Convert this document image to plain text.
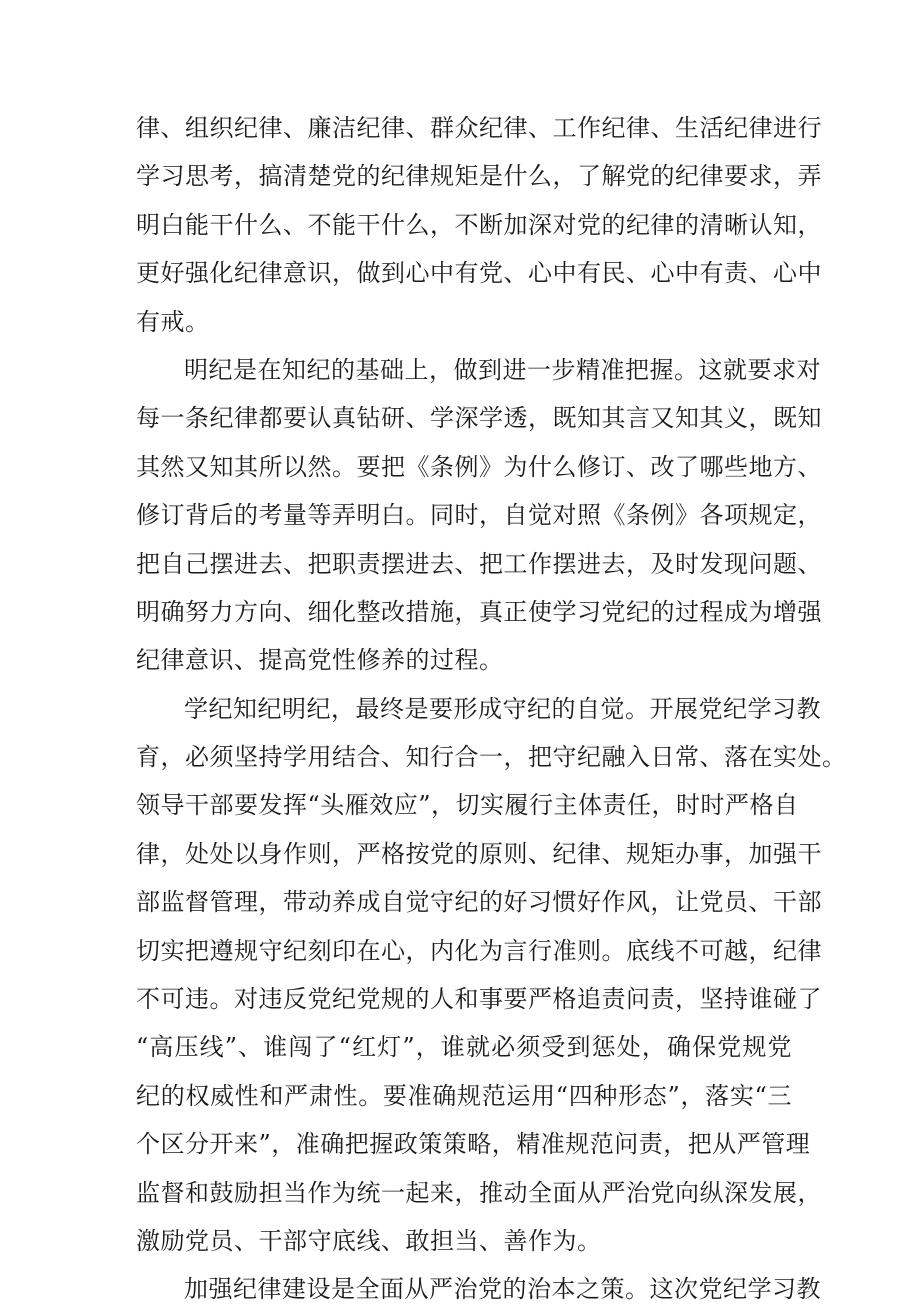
律、组织纪律、廉洁纪律、群众纪律、工作纪律、生活纪律进行
学习思考，搞清楚党的纪律规矩是什么，了解党的纪律要求，弄
明白能干什么、不能干什么，不断加深对党的纪律的清晰认知，
更好强化纪律意识，做到心中有党、心中有民、心中有责、心中
有戒。
明纪是在知纪的基础上，做到进一步精准把握。这就要求对
每一条纪律都要认真钻研、学深学透，既知其言又知其义，既知
其然又知其所以然。要把《条例》为什么修订、改了哪些地方、
修订背后的考量等弄明白。同时，自觉对照《条例》各项规定，
把自己摆进去、把职责摆进去、把工作摆进去，及时发现问题、
明确努力方向、细化整改措施，真正使学习党纪的过程成为增强
纪律意识、提高党性修养的过程。
学纪知纪明纪，最终是要形成守纪的自觉。开展党纪学习教
育，必须坚持学用结合、知行合一，把守纪融入日常、落在实处。
领导干部要发挥“头雁效应”，切实履行主体责任，时时严格自
律，处处以身作则，严格按党的原则、纪律、规矩办事，加强干
部监督管理，带动养成自觉守纪的好习惯好作风，让党员、干部
切实把遵规守纪刻印在心，内化为言行准则。底线不可越，纪律
不可违。对违反党纪党规的人和事要严格追责问责，坚持谁碰了
“高压线”、谁闯了“红灯”，谁就必须受到惩处，确保党规党
纪的权威性和严肃性。要准确规范运用“四种形态”，落实“三
个区分开来”，准确把握政策策略，精准规范问责，把从严管理
监督和鼓励担当作为统一起来，推动全面从严治党向纵深发展，
激励党员、干部守底线、敢担当、善作为。
加强纪律建设是全面从严治党的治本之策。这次党纪学习教
